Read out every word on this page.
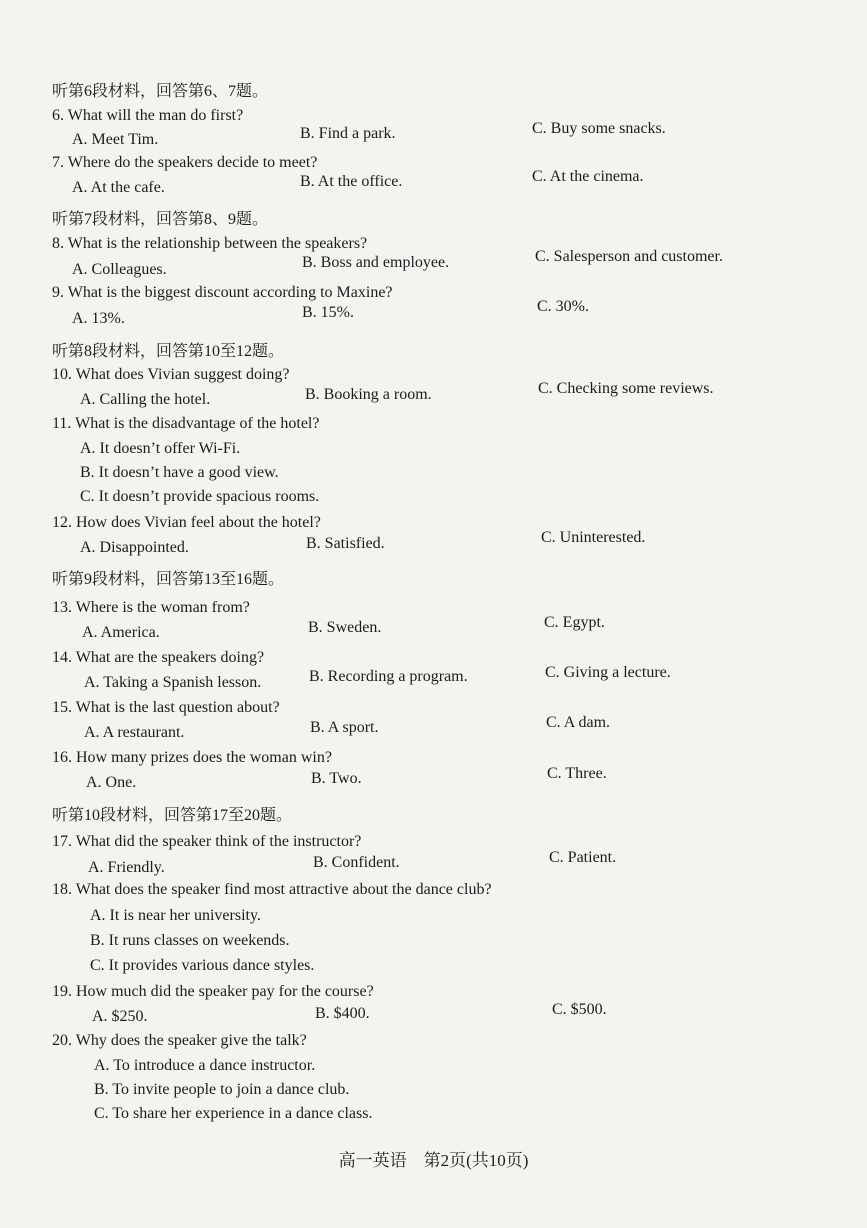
听第6段材料，回答第6、7题。
6. What will the man do first?
A. Meet Tim.	B. Find a park.	C. Buy some snacks.
7. Where do the speakers decide to meet?
A. At the cafe.	B. At the office.	C. At the cinema.
听第7段材料，回答第8、9题。
8. What is the relationship between the speakers?
A. Colleagues.	B. Boss and employee.	C. Salesperson and customer.
9. What is the biggest discount according to Maxine?
A. 13%.	B. 15%.	C. 30%.
听第8段材料，回答第10至12题。
10. What does Vivian suggest doing?
A. Calling the hotel.	B. Booking a room.	C. Checking some reviews.
11. What is the disadvantage of the hotel?
A. It doesn’t offer Wi-Fi.
B. It doesn’t have a good view.
C. It doesn’t provide spacious rooms.
12. How does Vivian feel about the hotel?
A. Disappointed.	B. Satisfied.	C. Uninterested.
听第9段材料，回答第13至16题。
13. Where is the woman from?
A. America.	B. Sweden.	C. Egypt.
14. What are the speakers doing?
A. Taking a Spanish lesson.	B. Recording a program.	C. Giving a lecture.
15. What is the last question about?
A. A restaurant.	B. A sport.	C. A dam.
16. How many prizes does the woman win?
A. One.	B. Two.	C. Three.
听第10段材料，回答第17至20题。
17. What did the speaker think of the instructor?
A. Friendly.	B. Confident.	C. Patient.
18. What does the speaker find most attractive about the dance club?
A. It is near her university.
B. It runs classes on weekends.
C. It provides various dance styles.
19. How much did the speaker pay for the course?
A. $250.	B. $400.	C. $500.
20. Why does the speaker give the talk?
A. To introduce a dance instructor.
B. To invite people to join a dance club.
C. To share her experience in a dance class.
高一英语　第2页(共10页)
